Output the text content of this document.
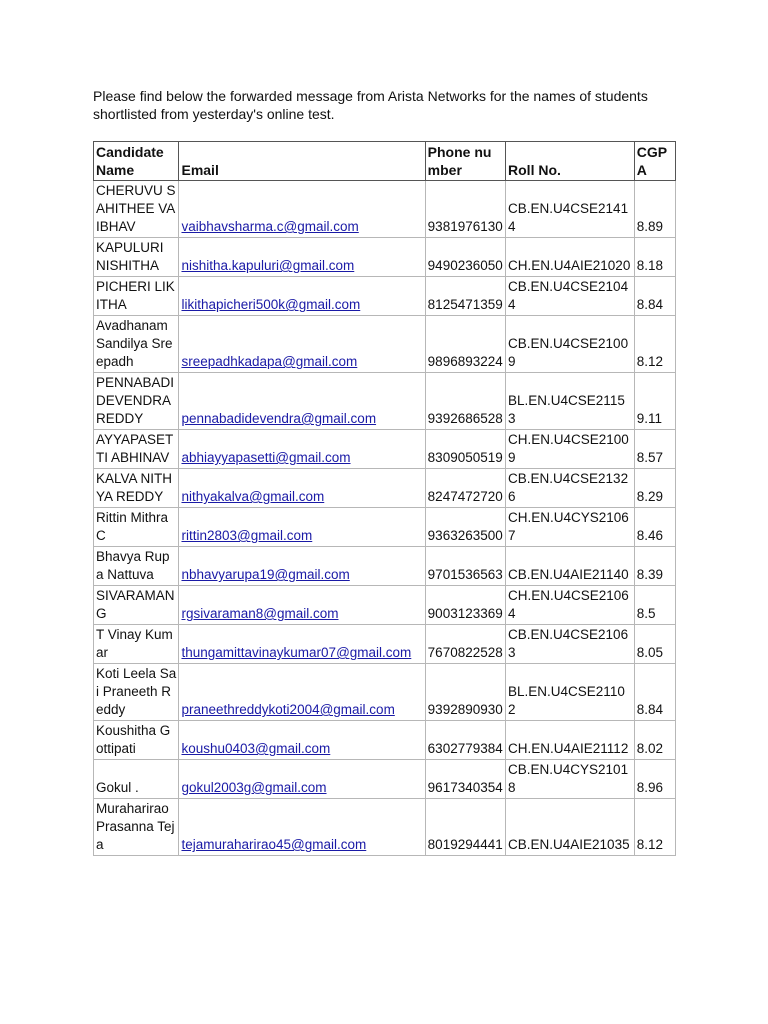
Please find below the forwarded message from Arista Networks for the names of students shortlisted from yesterday's online test.

Candidate Name	Email	Phone number	Roll No.	CGPA
CHERUVU SAHITHEE VAIBHAV	vaibhavsharma.c@gmail.com	9381976130	CB.EN.U4CSE21414	8.89
KAPULURI NISHITHA	nishitha.kapuluri@gmail.com	9490236050	CH.EN.U4AIE21020	8.18
PICHERI LIKITHA	likithapicheri500k@gmail.com	8125471359	CB.EN.U4CSE21044	8.84
Avadhanam Sandilya Sreepadh	sreepadhkadapa@gmail.com	9896893224	CB.EN.U4CSE21009	8.12
PENNABADI DEVENDRA REDDY	pennabadidevendra@gmail.com	9392686528	BL.EN.U4CSE21153	9.11
AYYAPASETTI ABHINAV	abhiayyapasetti@gmail.com	8309050519	CH.EN.U4CSE21009	8.57
KALVA NITHYA REDDY	nithyakalva@gmail.com	8247472720	CB.EN.U4CSE21326	8.29
Rittin Mithra C	rittin2803@gmail.com	9363263500	CH.EN.U4CYS21067	8.46
Bhavya Rupa Nattuva	nbhavyarupa19@gmail.com	9701536563	CB.EN.U4AIE21140	8.39
SIVARAMAN G	rgsivaraman8@gmail.com	9003123369	CH.EN.U4CSE21064	8.5
T Vinay Kumar	thungamittavinaykumar07@gmail.com	7670822528	CB.EN.U4CSE21063	8.05
Koti Leela Sai Praneeth Reddy	praneethreddykoti2004@gmail.com	9392890930	BL.EN.U4CSE21102	8.84
Koushitha Gottipati	koushu0403@gmail.com	6302779384	CH.EN.U4AIE21112	8.02
Gokul .	gokul2003g@gmail.com	9617340354	CB.EN.U4CYS21018	8.96
Muraharirao Prasanna Teja	tejamuraharirao45@gmail.com	8019294441	CB.EN.U4AIE21035	8.12
